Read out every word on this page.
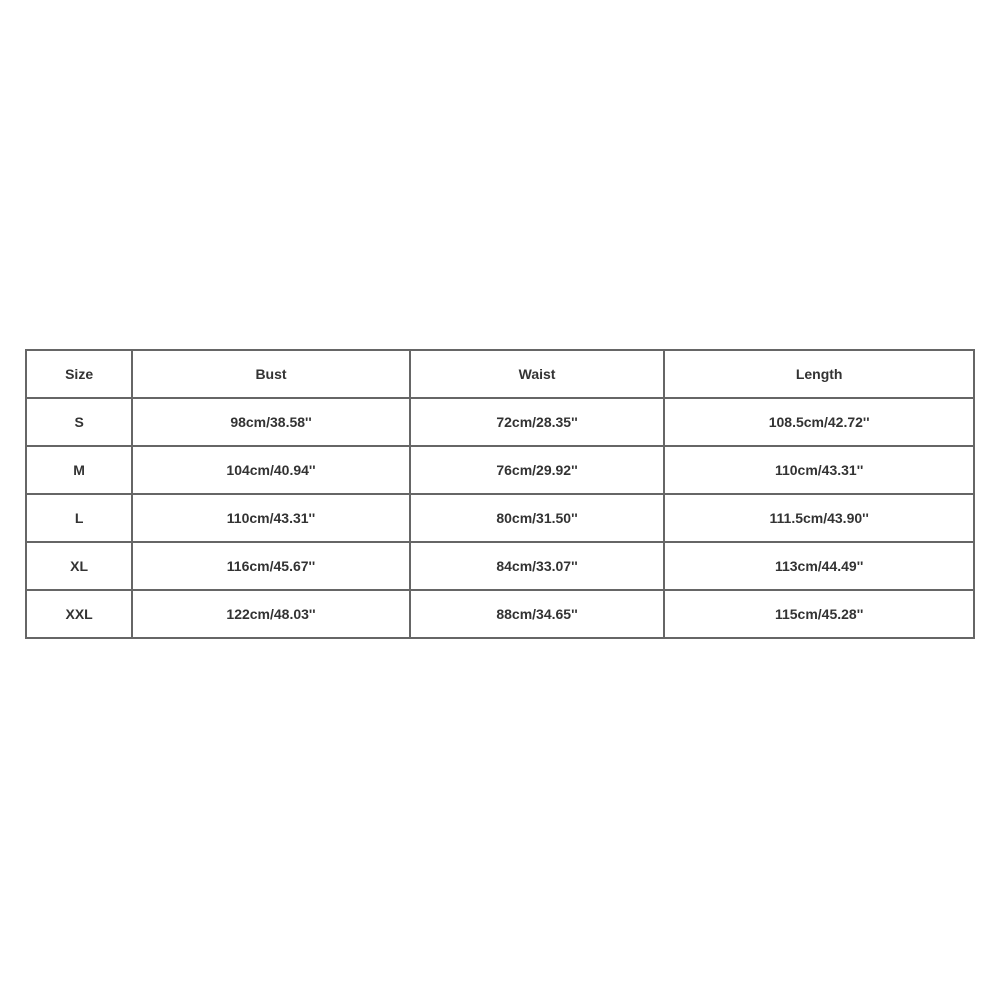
Size	Bust	Waist	Length
S	98cm/38.58''	72cm/28.35''	108.5cm/42.72''
M	104cm/40.94''	76cm/29.92''	110cm/43.31''
L	110cm/43.31''	80cm/31.50''	111.5cm/43.90''
XL	116cm/45.67''	84cm/33.07''	113cm/44.49''
XXL	122cm/48.03''	88cm/34.65''	115cm/45.28''
